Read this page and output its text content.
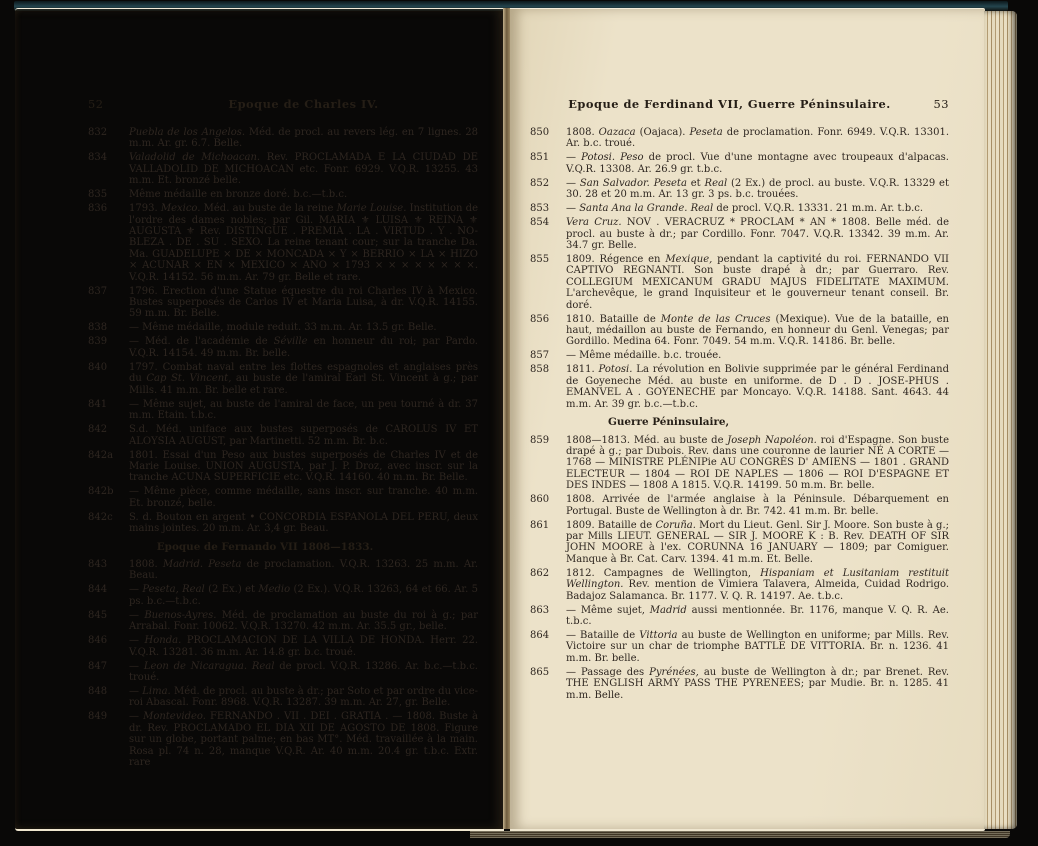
52	Epoque de Charles IV.
832	Puebla de los Angelos. Méd. de procl. au revers lég. en 7 lignes. 28 m.m. Ar. gr. 6.7. Belle.
834	Valadolid de Michoacan. Rev. PROCLAMADA E LA CIUDAD DE VALLADOLID DE MICHOACAN etc. Fonr. 6929. V.Q.R. 13255. 43 m.m. Et. bronzé belle.
835	Même médaille en bronze doré. b.c.—t.b.c.
836	1793. Mexico. Méd. au buste de la reine Marie Louise. Institution de l'ordre des dames nobles; par Gil. MARIA ⚜ LUISA ⚜ REINA ⚜ AUGUSTA ⚜ Rev. DISTINGUE . PREMIA . LA . VIRTUD . Y . NO-BLEZA . DE . SU . SEXO. La reine tenant cour; sur la tranche Da. Ma. GUADELUPE × DE × MONCADA × Y × BERRIO × LA × HIZO × ACUNAR × EN × MEXICO × ANO × 1793 × × × × × × × ×. V.Q.R. 14152. 56 m.m. Ar. 79 gr. Belle et rare.
837	1796. Erection d'une Statue équestre du roi Charles IV à Mexico. Bustes superposés de Carlos IV et Maria Luisa, à dr. V.Q.R. 14155. 59 m.m. Br. Belle.
838	— Même médaille, module reduit. 33 m.m. Ar. 13.5 gr. Belle.
839	— Méd. de l'académie de Séville en honneur du roi; par Pardo. V.Q.R. 14154. 49 m.m. Br. belle.
840	1797. Combat naval entre les flottes espagnoles et anglaises près du Cap St. Vincent, au buste de l'amiral Earl St. Vincent à g.; par Mills. 41 m.m. Br. belle et rare.
841	— Même sujet, au buste de l'amiral de face, un peu tourné à dr. 37 m.m. Etain. t.b.c.
842	S.d. Méd. uniface aux bustes superposés de CAROLUS IV ET ALOYSIA AUGUST, par Martinetti. 52 m.m. Br. b.c.
842a	1801. Essai d'un Peso aux bustes superposés de Charles IV et de Marie Louise. UNION AUGUSTA, par J. P. Droz, avec inscr. sur la tranche ACUNA SUPERFICIE etc. V.Q.R. 14160. 40 m.m. Br. Belle.
842b	— Même pièce, comme médaille, sans inscr. sur tranche. 40 m.m. Et. bronzé, belle.
842c	S. d. Bouton en argent • CONCORDIA ESPANOLA DEL PERU, deux mains jointes. 20 m.m. Ar. 3,4 gr. Beau.
Epoque de Fernando VII 1808—1833.
843	1808. Madrid. Peseta de proclamation. V.Q.R. 13263. 25 m.m. Ar. Beau.
844	— Peseta, Real (2 Ex.) et Medio (2 Ex.). V.Q.R. 13263, 64 et 66. Ar. 5 ps. b.c.—t.b.c.
845	— Buenos-Ayres. Méd. de proclamation au buste du roi à g.; par Arrabal. Fonr. 10062. V.Q.R. 13270. 42 m.m. Ar. 35.5 gr., belle.
846	— Honda. PROCLAMACION DE LA VILLA DE HONDA. Herr. 22. V.Q.R. 13281. 36 m.m. Ar. 14.8 gr. b.c. troué.
847	— Leon de Nicaragua. Real de procl. V.Q.R. 13286. Ar. b.c.—t.b.c. troué.
848	— Lima. Méd. de procl. au buste à dr.; par Soto et par ordre du vice-roi Abascal. Fonr. 8968. V.Q.R. 13287. 39 m.m. Ar. 27, gr. Belle.
849	— Montevideo. FERNANDO . VII . DEI . GRATIA . — 1808. Buste à dr. Rev. PROCLAMADO EL DIA XII DE AGOSTO DE 1808. Figure sur un globe, portant palme; en bas MT°. Méd. travaillée à la main. Rosa pl. 74 n. 28, manque V.Q.R. Ar. 40 m.m. 20.4 gr. t.b.c. Extr. rare
Epoque de Ferdinand VII, Guerre Péninsulaire.	53
850	1808. Oazaca (Oajaca). Peseta de proclamation. Fonr. 6949. V.Q.R. 13301. Ar. b.c. troué.
851	— Potosi. Peso de procl. Vue d'une montagne avec troupeaux d'alpacas. V.Q.R. 13308. Ar. 26.9 gr. t.b.c.
852	— San Salvador. Peseta et Real (2 Ex.) de procl. au buste. V.Q.R. 13329 et 30. 28 et 20 m.m. Ar. 13 gr. 3 ps. b.c. trouées.
853	— Santa Ana la Grande. Real de procl. V.Q.R. 13331. 21 m.m. Ar. t.b.c.
854	Vera Cruz. NOV . VERACRUZ * PROCLAM * AN * 1808. Belle méd. de procl. au buste à dr.; par Cordillo. Fonr. 7047. V.Q.R. 13342. 39 m.m. Ar. 34.7 gr. Belle.
855	1809. Régence en Mexique, pendant la captivité du roi. FERNANDO VII CAPTIVO REGNANTI. Son buste drapé à dr.; par Guerraro. Rev. COLLEGIUM MEXICANUM GRADU MAJUS FIDELITATE MAXIMUM. L'archevêque, le grand Inquisiteur et le gouverneur tenant conseil. Br. doré.
856	1810. Bataille de Monte de las Cruces (Mexique). Vue de la bataille, en haut, médaillon au buste de Fernando, en honneur du Genl. Venegas; par Gordillo. Medina 64. Fonr. 7049. 54 m.m. V.Q.R. 14186. Br. belle.
857	— Même médaille. b.c. trouée.
858	1811. Potosi. La révolution en Bolivie supprimée par le général Ferdinand de Goyeneche Méd. au buste en uniforme. de D . D . JOSE-PHUS . EMANVEL A . GOYENECHE par Moncayo. V.Q.R. 14188. Sant. 4643. 44 m.m. Ar. 39 gr. b.c.—t.b.c.
Guerre Péninsulaire,
859	1808—1813. Méd. au buste de Joseph Napoléon. roi d'Espagne. Son buste drapé à g.; par Dubois. Rev. dans une couronne de laurier NÉ A CORTE — 1768 — MINISTRE PLÉNIPie AU CONGRÈS D' AMIENS — 1801 . GRAND ELECTEUR — 1804 — ROI DE NAPLES — 1806 — ROI D'ESPAGNE ET DES INDES — 1808 A 1815. V.Q.R. 14199. 50 m.m. Br. belle.
860	1808. Arrivée de l'armée anglaise à la Péninsule. Débarquement en Portugal. Buste de Wellington à dr. Br. 742. 41 m.m. Br. belle.
861	1809. Bataille de Coruña. Mort du Lieut. Genl. Sir J. Moore. Son buste à g.; par Mills LIEUT. GENERAL — SIR J. MOORE K : B. Rev. DEATH OF SIR JOHN MOORE à l'ex. CORUNNA 16 JANUARY — 1809; par Comiguer. Manque à Br. Cat. Carv. 1394. 41 m.m. Et. Belle.
862	1812. Campagnes de Wellington, Hispaniam et Lusitaniam restituit Wellington. Rev. mention de Vimiera Talavera, Almeida, Cuidad Rodrigo. Badajoz Salamanca. Br. 1177. V. Q. R. 14197. Ae. t.b.c.
863	— Même sujet, Madrid aussi mentionnée. Br. 1176, manque V. Q. R. Ae. t.b.c.
864	— Bataille de Vittoria au buste de Wellington en uniforme; par Mills. Rev. Victoire sur un char de triomphe BATTLE DE VITTORIA. Br. n. 1236. 41 m.m. Br. belle.
865	— Passage des Pyrénées, au buste de Wellington à dr.; par Brenet. Rev. THE ENGLISH ARMY PASS THE PYRENEES; par Mudie. Br. n. 1285. 41 m.m. Belle.
